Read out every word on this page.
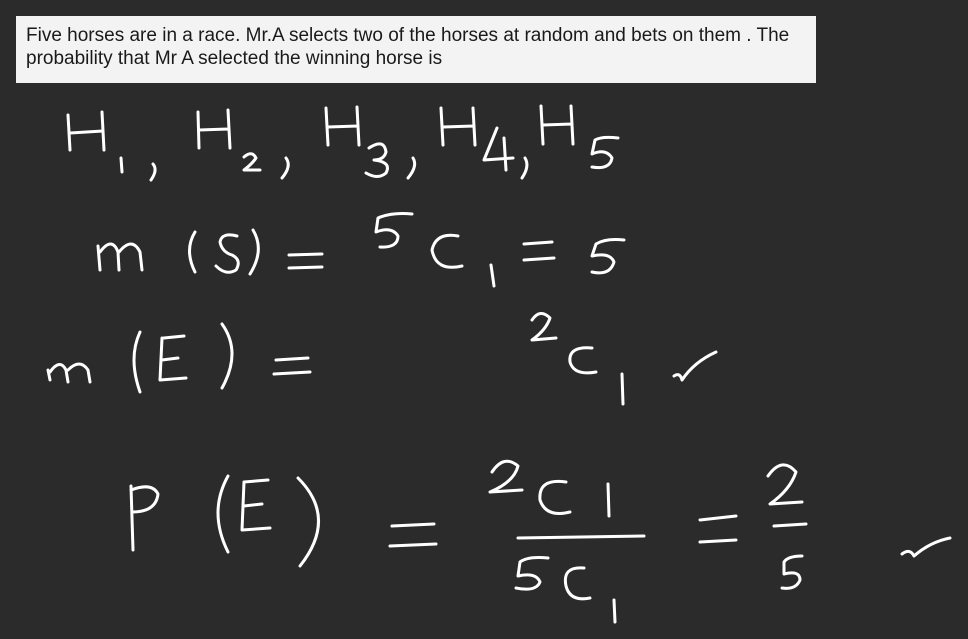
Five horses are in a race. Mr.A selects two of the horses at random and bets on them . The probability that Mr A selected the winning horse is
